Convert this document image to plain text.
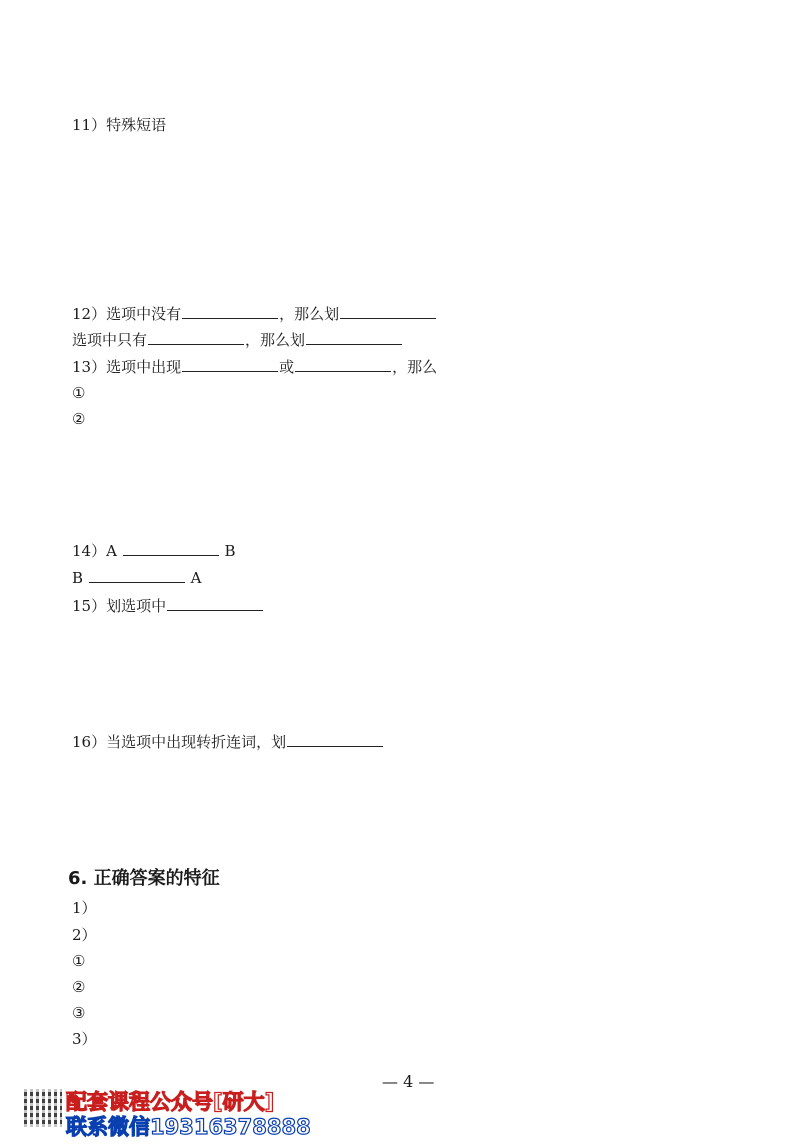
11）特殊短语
12）选项中没有	，那么划
选项中只有	，那么划
13）选项中出现	或	，那么
①
②
14）A	B
B	A
15）划选项中
16）当选项中出现转折连词，划
6. 正确答案的特征
1）
2）
①
②
③
3）
— 4 —
配套课程公众号[研大]
联系微信19316378888
